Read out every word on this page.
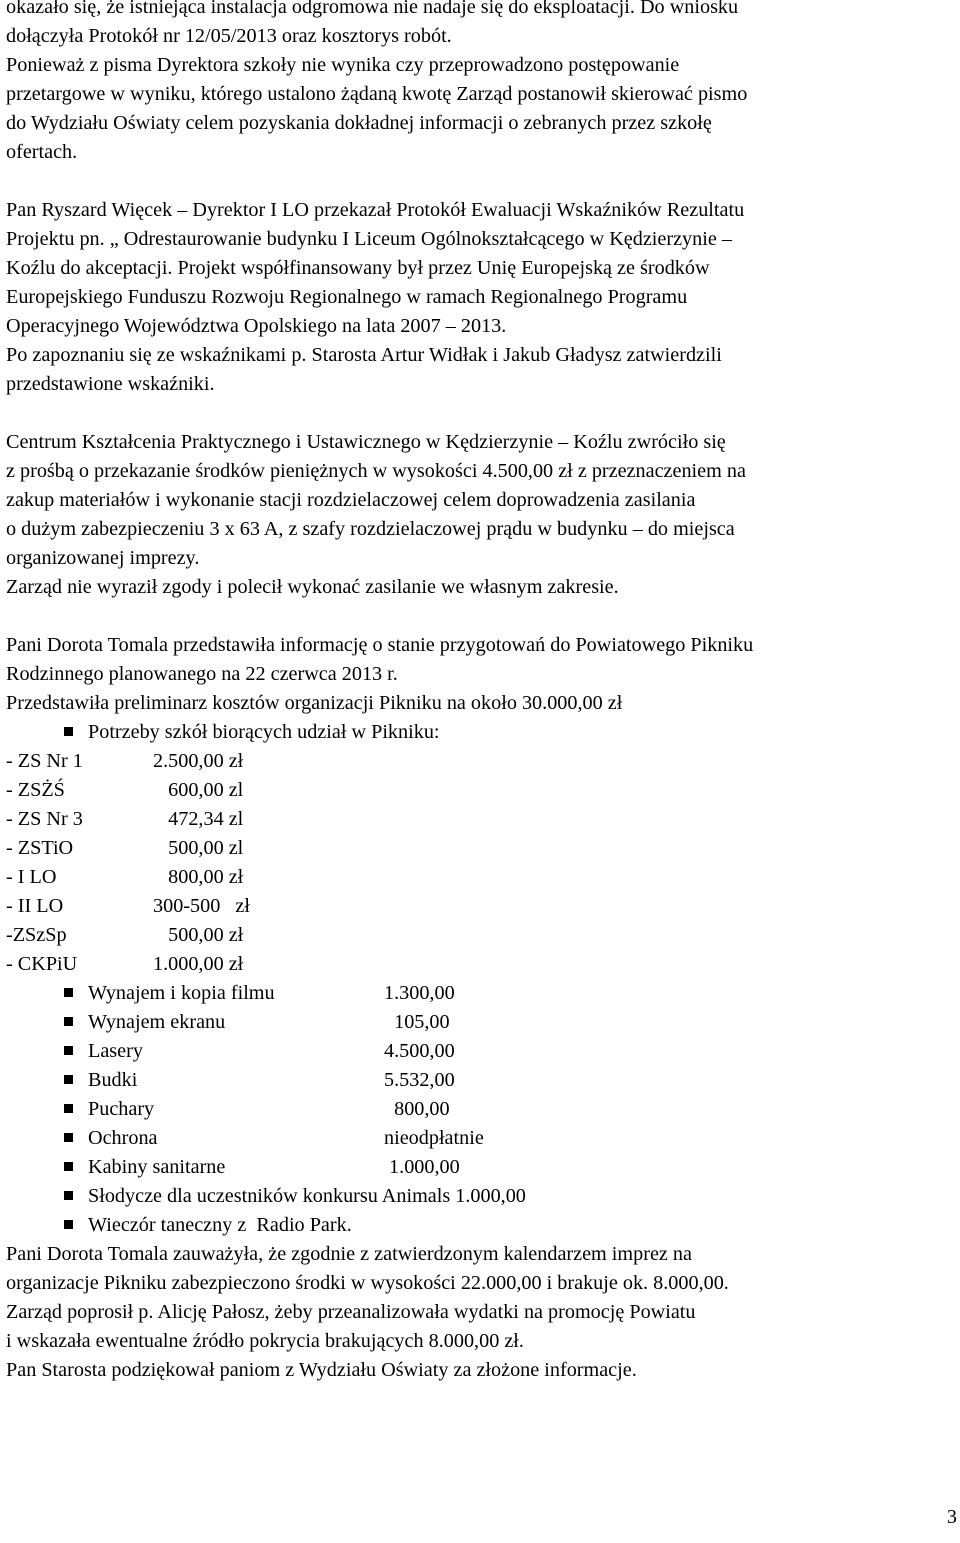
okazało się, że istniejąca instalacja odgromowa nie nadaje się do eksploatacji. Do wniosku
dołączyła Protokół nr 12/05/2013 oraz kosztorys robót.
Ponieważ z pisma Dyrektora szkoły nie wynika czy przeprowadzono postępowanie
przetargowe w wyniku, którego ustalono żądaną kwotę Zarząd postanowił skierować pismo
do Wydziału Oświaty celem pozyskania dokładnej informacji o zebranych przez szkołę
ofertach.
Pan Ryszard Więcek – Dyrektor I LO przekazał Protokół Ewaluacji Wskaźników Rezultatu
Projektu pn. „ Odrestaurowanie budynku I Liceum Ogólnokształcącego w Kędzierzynie –
Koźlu do akceptacji. Projekt współfinansowany był przez Unię Europejską ze środków
Europejskiego Funduszu Rozwoju Regionalnego w ramach Regionalnego Programu
Operacyjnego Województwa Opolskiego na lata 2007 – 2013.
Po zapoznaniu się ze wskaźnikami p. Starosta Artur Widłak i Jakub Gładysz zatwierdzili
przedstawione wskaźniki.
Centrum Kształcenia Praktycznego i Ustawicznego w Kędzierzynie – Koźlu zwróciło się
z prośbą o przekazanie środków pieniężnych w wysokości 4.500,00 zł z przeznaczeniem na
zakup materiałów i wykonanie stacji rozdzielaczowej celem doprowadzenia zasilania
o dużym zabezpieczeniu 3 x 63 A, z szafy rozdzielaczowej prądu w budynku – do miejsca
organizowanej imprezy.
Zarząd nie wyraził zgody i polecił wykonać zasilanie we własnym zakresie.
Pani Dorota Tomala przedstawiła informację o stanie przygotowań do Powiatowego Pikniku
Rodzinnego planowanego na 22 czerwca 2013 r.
Przedstawiła preliminarz kosztów organizacji Pikniku na około 30.000,00 zł
Potrzeby szkół biorących udział w Pikniku:
- ZS Nr 1	2.500,00 zł
- ZSŻŚ	600,00 zl
- ZS Nr 3	472,34 zl
- ZSTiO	500,00 zl
- I LO	800,00 zł
- II LO	300-500   zł
-ZSzSp	500,00 zł
- CKPiU	1.000,00 zł
Wynajem i kopia filmu	1.300,00
Wynajem ekranu	105,00
Lasery	4.500,00
Budki	5.532,00
Puchary	800,00
Ochrona	nieodpłatnie
Kabiny sanitarne	1.000,00
Słodycze dla uczestników konkursu Animals 1.000,00
Wieczór taneczny z  Radio Park.
Pani Dorota Tomala zauważyła, że zgodnie z zatwierdzonym kalendarzem imprez na
organizacje Pikniku zabezpieczono środki w wysokości 22.000,00 i brakuje ok. 8.000,00.
Zarząd poprosił p. Alicję Pałosz, żeby przeanalizowała wydatki na promocję Powiatu
i wskazała ewentualne źródło pokrycia brakujących 8.000,00 zł.
Pan Starosta podziękował paniom z Wydziału Oświaty za złożone informacje.
3
